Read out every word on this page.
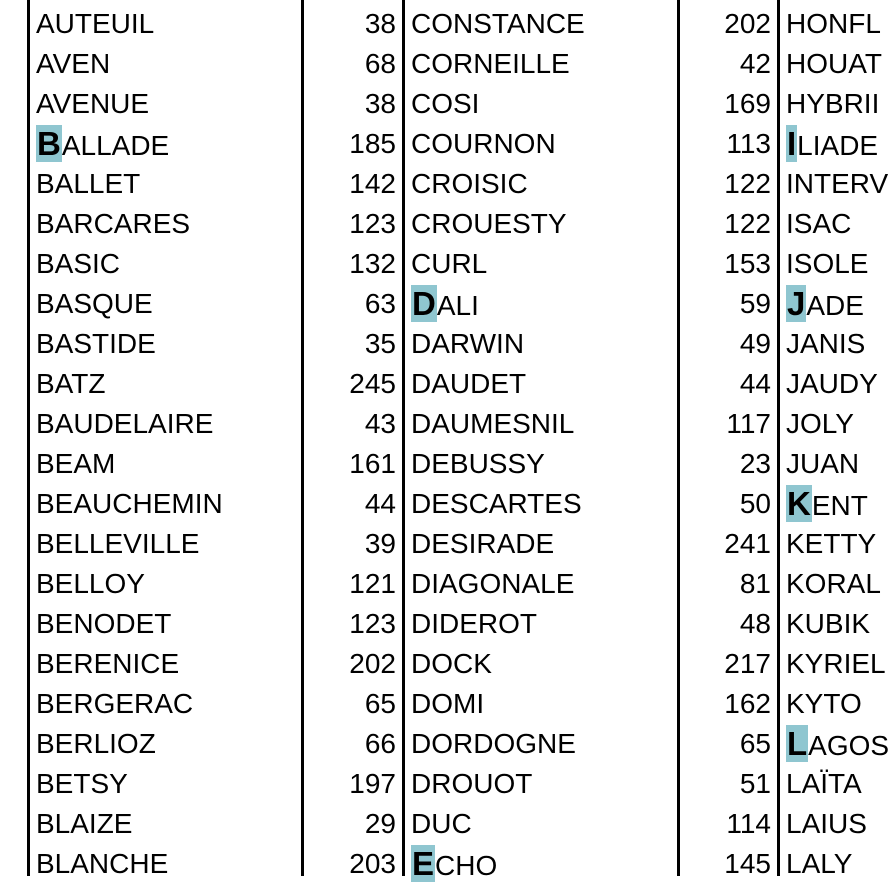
AUTEUIL
AVEN
AVENUE
BALLADE
BALLET
BARCARES
BASIC
BASQUE
BASTIDE
BATZ
BAUDELAIRE
BEAM
BEAUCHEMIN
BELLEVILLE
BELLOY
BENODET
BERENICE
BERGERAC
BERLIOZ
BETSY
BLAIZE
BLANCHE
38
68
38
185
142
123
132
63
35
245
43
161
44
39
121
123
202
65
66
197
29
203
CONSTANCE
CORNEILLE
COSI
COURNON
CROISIC
CROUESTY
CURL
DALI
DARWIN
DAUDET
DAUMESNIL
DEBUSSY
DESCARTES
DESIRADE
DIAGONALE
DIDEROT
DOCK
DOMI
DORDOGNE
DROUOT
DUC
ECHO
202
42
169
113
122
122
153
59
49
44
117
23
50
241
81
48
217
162
65
51
114
145
HONFL
HOUAT
HYBRII
ILIADE
INTERV
ISAC
ISOLE
JADE
JANIS
JAUDY
JOLY
JUAN
KENT
KETTY
KORAL
KUBIK
KYRIEL
KYTO
LAGOS
LAÏTA
LAIUS
LALY
